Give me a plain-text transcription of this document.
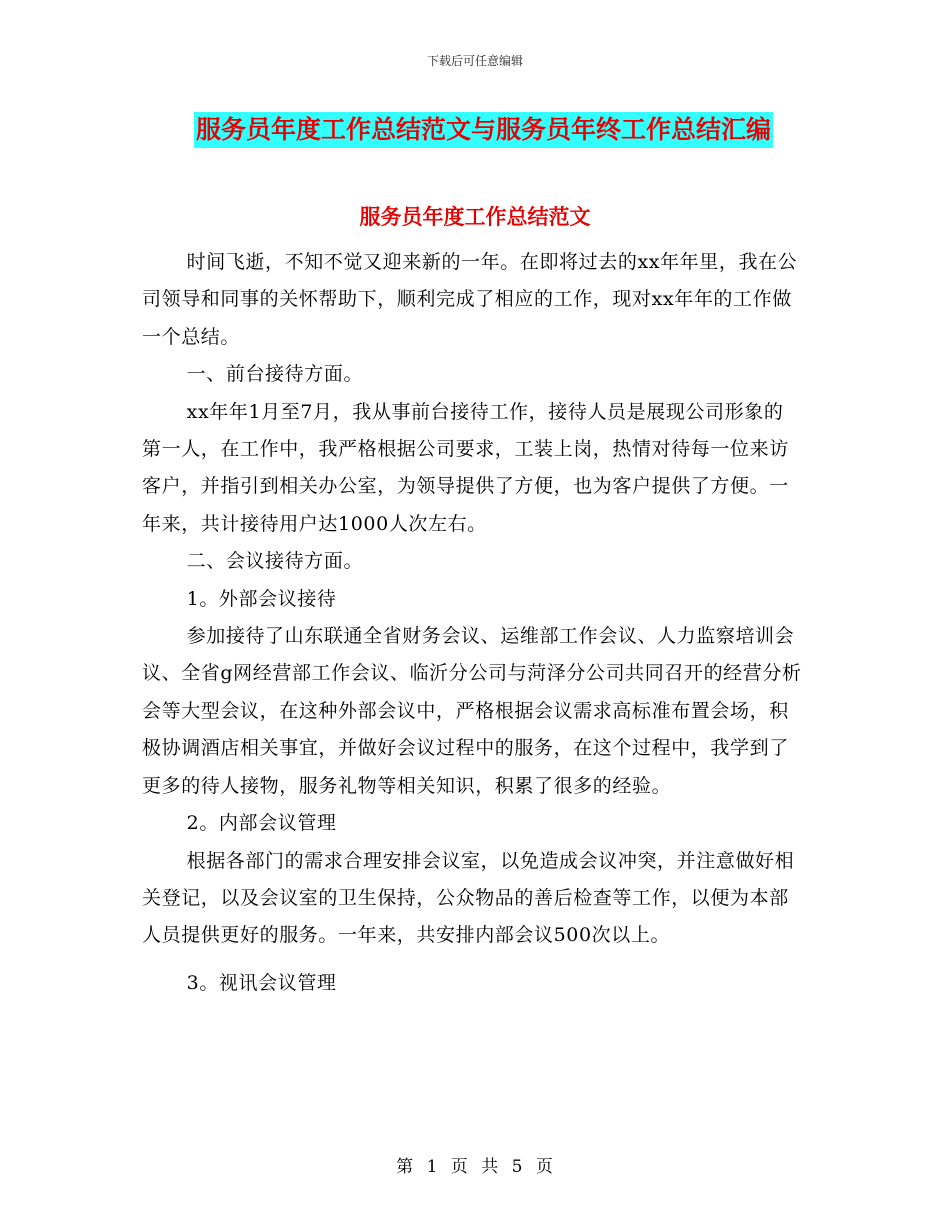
下载后可任意编辑
服务员年度工作总结范文与服务员年终工作总结汇编
服务员年度工作总结范文

时间飞逝，不知不觉又迎来新的一年。在即将过去的xx年年里，我在公司领导和同事的关怀帮助下，顺利完成了相应的工作，现对xx年年的工作做一个总结。

一、前台接待方面。

xx年年1月至7月，我从事前台接待工作，接待人员是展现公司形象的第一人，在工作中，我严格根据公司要求，工装上岗，热情对待每一位来访客户，并指引到相关办公室，为领导提供了方便，也为客户提供了方便。一年来，共计接待用户达1000人次左右。

二、会议接待方面。

1。外部会议接待

参加接待了山东联通全省财务会议、运维部工作会议、人力监察培训会议、全省g网经营部工作会议、临沂分公司与菏泽分公司共同召开的经营分析会等大型会议，在这种外部会议中，严格根据会议需求高标准布置会场，积极协调酒店相关事宜，并做好会议过程中的服务，在这个过程中，我学到了更多的待人接物，服务礼物等相关知识，积累了很多的经验。

2。内部会议管理

根据各部门的需求合理安排会议室，以免造成会议冲突，并注意做好相关登记，以及会议室的卫生保持，公众物品的善后检查等工作，以便为本部人员提供更好的服务。一年来，共安排内部会议500次以上。

3。视讯会议管理

第 1 页 共 5 页
